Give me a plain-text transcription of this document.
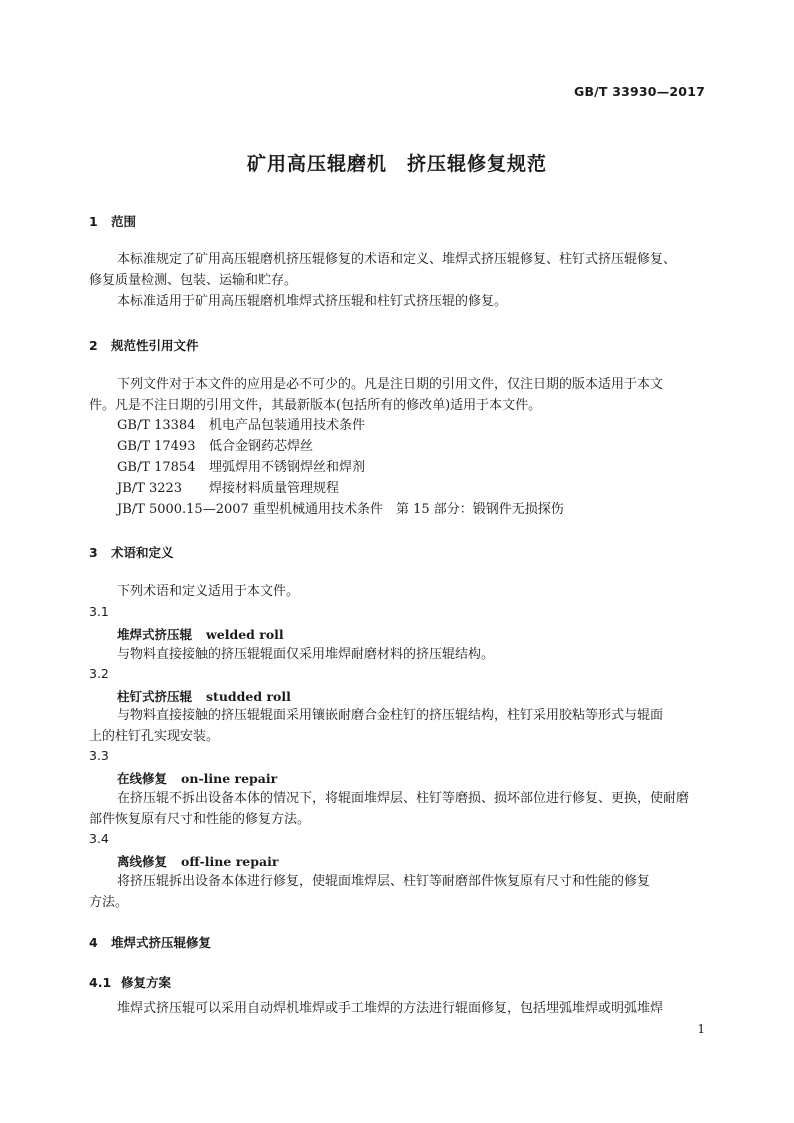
GB/T 33930—2017
矿用高压辊磨机　挤压辊修复规范
1 范围
本标准规定了矿用高压辊磨机挤压辊修复的术语和定义、堆焊式挤压辊修复、柱钉式挤压辊修复、
修复质量检测、包装、运输和贮存。
本标准适用于矿用高压辊磨机堆焊式挤压辊和柱钉式挤压辊的修复。
2 规范性引用文件
下列文件对于本文件的应用是必不可少的。凡是注日期的引用文件，仅注日期的版本适用于本文
件。凡是不注日期的引用文件，其最新版本(包括所有的修改单)适用于本文件。
GB/T 13384 机电产品包装通用技术条件
GB/T 17493 低合金钢药芯焊丝
GB/T 17854 埋弧焊用不锈钢焊丝和焊剂
JB/T 3223 焊接材料质量管理规程
JB/T 5000.15—2007 重型机械通用技术条件　第 15 部分：锻钢件无损探伤
3 术语和定义
下列术语和定义适用于本文件。
3.1
堆焊式挤压辊 welded roll
与物料直接接触的挤压辊辊面仅采用堆焊耐磨材料的挤压辊结构。
3.2
柱钉式挤压辊 studded roll
与物料直接接触的挤压辊辊面采用镶嵌耐磨合金柱钉的挤压辊结构，柱钉采用胶粘等形式与辊面
上的柱钉孔实现安装。
3.3
在线修复 on-line repair
在挤压辊不拆出设备本体的情况下，将辊面堆焊层、柱钉等磨损、损坏部位进行修复、更换，使耐磨
部件恢复原有尺寸和性能的修复方法。
3.4
离线修复 off-line repair
将挤压辊拆出设备本体进行修复，使辊面堆焊层、柱钉等耐磨部件恢复原有尺寸和性能的修复
方法。
4 堆焊式挤压辊修复
4.1 修复方案
堆焊式挤压辊可以采用自动焊机堆焊或手工堆焊的方法进行辊面修复，包括埋弧堆焊或明弧堆焊
1
